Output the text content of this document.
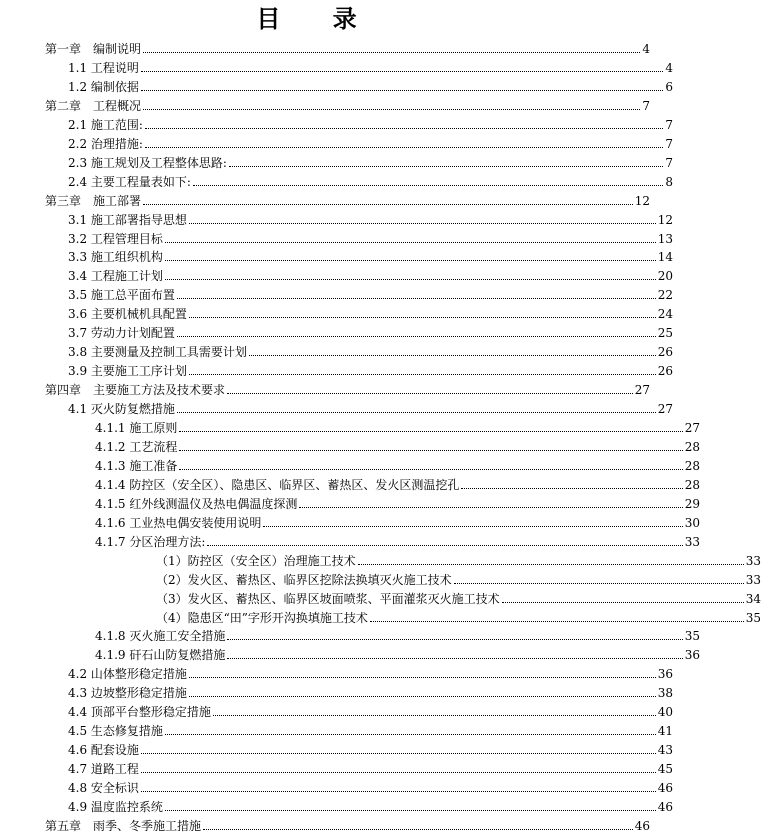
目 录
第一章　编制说明	4
1.1 工程说明	4
1.2 编制依据	6
第二章　工程概况	7
2.1 施工范围:	7
2.2 治理措施:	7
2.3 施工规划及工程整体思路:	7
2.4 主要工程量表如下:	8
第三章　施工部署	12
3.1 施工部署指导思想	12
3.2 工程管理目标	13
3.3 施工组织机构	14
3.4 工程施工计划	20
3.5 施工总平面布置	22
3.6 主要机械机具配置	24
3.7 劳动力计划配置	25
3.8 主要测量及控制工具需要计划	26
3.9 主要施工工序计划	26
第四章　主要施工方法及技术要求	27
4.1 灭火防复燃措施	27
4.1.1 施工原则	27
4.1.2 工艺流程	28
4.1.3 施工准备	28
4.1.4 防控区（安全区）、隐患区、临界区、蓄热区、发火区测温挖孔	28
4.1.5 红外线测温仪及热电偶温度探测	29
4.1.6 工业热电偶安装使用说明	30
4.1.7 分区治理方法:	33
（1）防控区（安全区）治理施工技术	33
（2）发火区、蓄热区、临界区挖除法换填灭火施工技术	33
（3）发火区、蓄热区、临界区坡面喷浆、平面灌浆灭火施工技术	34
（4）隐患区“田”字形开沟换填施工技术	35
4.1.8 灭火施工安全措施	35
4.1.9 矸石山防复燃措施	36
4.2 山体整形稳定措施	36
4.3 边坡整形稳定措施	38
4.4 顶部平台整形稳定措施	40
4.5 生态修复措施	41
4.6 配套设施	43
4.7 道路工程	45
4.8 安全标识	46
4.9 温度监控系统	46
第五章　雨季、冬季施工措施	46
